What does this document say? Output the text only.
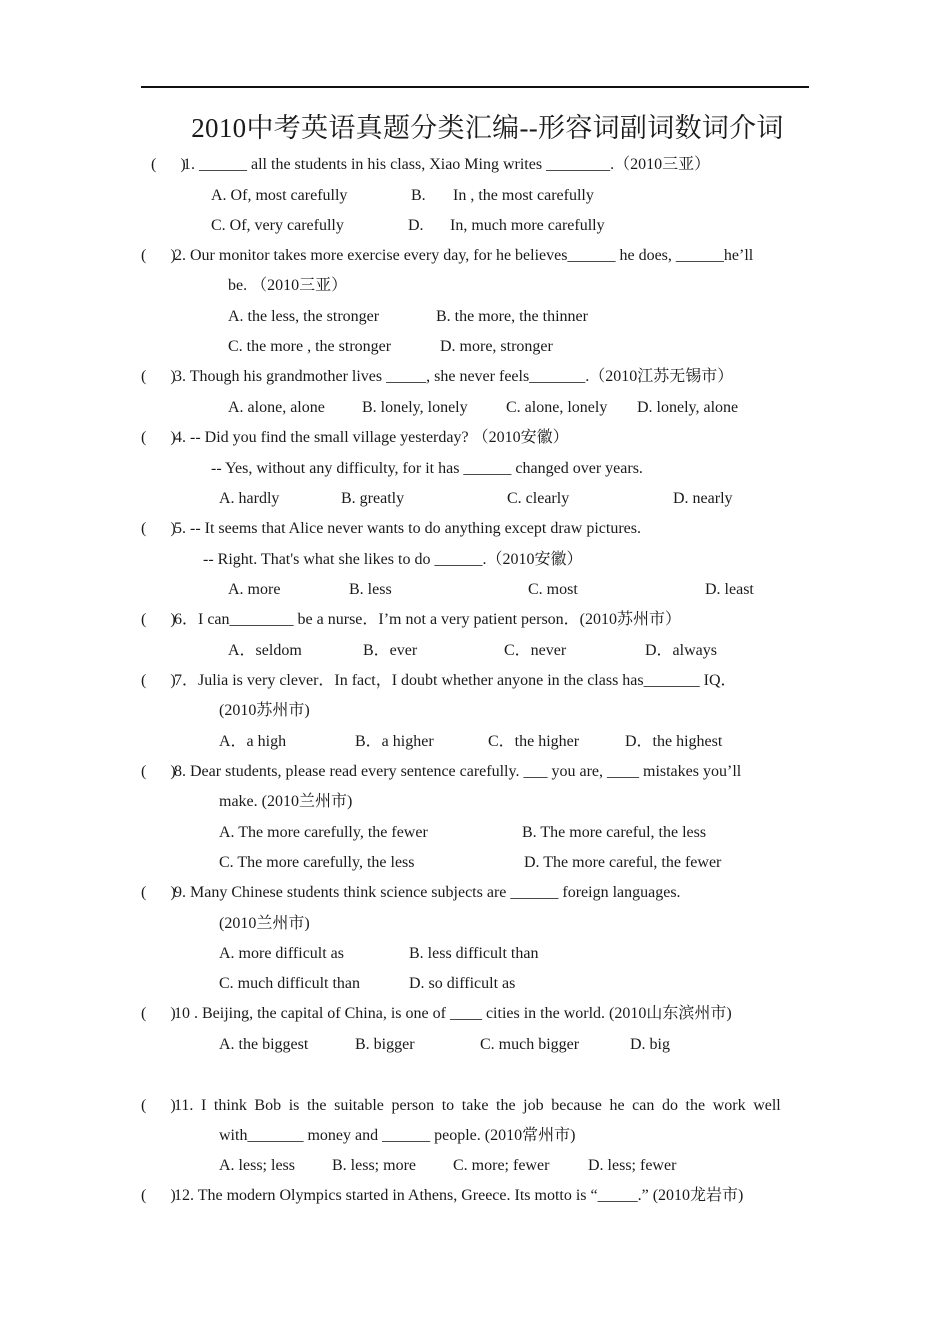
2010中考英语真题分类汇编--形容词副词数词介词
(      )
1. ______ all the students in his class, Xiao Ming writes ________.（2010三亚）
A. Of, most carefully	B. In , the most carefully
C. Of, very carefully	D. In, much more carefully
(      )
2. Our monitor takes more exercise every day, for he believes______ he does, ______he’ll
be. （2010三亚）
A. the less, the stronger	B. the more, the thinner
C. the more , the stronger	D. more, stronger
(      )
3. Though his grandmother lives _____, she never feels_______.（2010江苏无锡市）
A. alone, alone B. lonely, lonely C. alone, lonely D. lonely, alone
(      )
4. -- Did you find the small village yesterday? （2010安徽）
-- Yes, without any difficulty, for it has ______ changed over years.
A. hardly	B. greatly	C. clearly	D. nearly
(      )
5. -- It seems that Alice never wants to do anything except draw pictures.
-- Right. That's what she likes to do ______.（2010安徽）
A. more	B. less	C. most	D. least
(      )
6．I can________ be a nurse．I’m not a very patient person．(2010苏州市）
A．seldom	B．ever	C．never	D．always
(      )
7．Julia is very clever．In fact，I doubt whether anyone in the class has_______ IQ．
(2010苏州市)
A．a high	B．a higher	C．the higher	D．the highest
(      )
8. Dear students, please read every sentence carefully. ___ you are, ____ mistakes you’ll
make. (2010兰州市)
A. The more carefully, the fewer	B. The more careful, the less
C. The more carefully, the less	D. The more careful, the fewer
(      )
9. Many Chinese students think science subjects are ______ foreign languages.
(2010兰州市)
A. more difficult as	B. less difficult than
C. much difficult than	D. so difficult as
(      )
10 . Beijing, the capital of China, is one of ____ cities in the world. (2010山东滨州市)
A. the biggest	B. bigger	C. much bigger	D. big
(      )
11. I think Bob is the suitable person to take the job because he can do the work well
with_______ money and ______ people. (2010常州市)
A. less; less B. less; more C. more; fewer D. less; fewer
(      )
12. The modern Olympics started in Athens, Greece. Its motto is “_____.” (2010龙岩市)
